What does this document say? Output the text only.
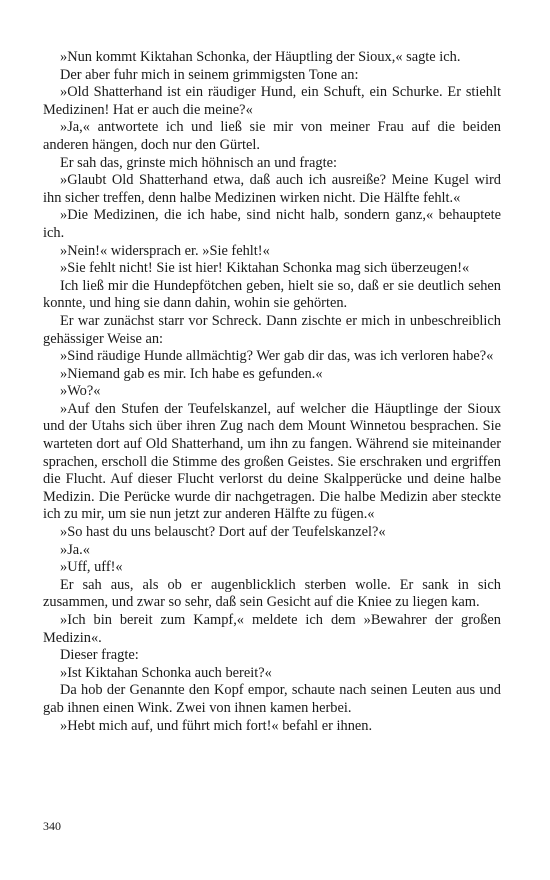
»Nun kommt Kiktahan Schonka, der Häuptling der Sioux,« sagte ich.

Der aber fuhr mich in seinem grimmigsten Tone an:

»Old Shatterhand ist ein räudiger Hund, ein Schuft, ein Schurke. Er stiehlt Medizinen! Hat er auch die meine?«

»Ja,« antwortete ich und ließ sie mir von meiner Frau auf die beiden anderen hängen, doch nur den Gürtel.

Er sah das, grinste mich höhnisch an und fragte:

»Glaubt Old Shatterhand etwa, daß auch ich ausreiße? Meine Kugel wird ihn sicher treffen, denn halbe Medizinen wirken nicht. Die Hälfte fehlt.«

»Die Medizinen, die ich habe, sind nicht halb, sondern ganz,« behauptete ich.

»Nein!« widersprach er. »Sie fehlt!«

»Sie fehlt nicht! Sie ist hier! Kiktahan Schonka mag sich überzeugen!«

Ich ließ mir die Hundepfötchen geben, hielt sie so, daß er sie deutlich sehen konnte, und hing sie dann dahin, wohin sie gehörten.

Er war zunächst starr vor Schreck. Dann zischte er mich in unbeschreiblich gehässiger Weise an:

»Sind räudige Hunde allmächtig? Wer gab dir das, was ich verloren habe?«

»Niemand gab es mir. Ich habe es gefunden.«

»Wo?«

»Auf den Stufen der Teufelskanzel, auf welcher die Häuptlinge der Sioux und der Utahs sich über ihren Zug nach dem Mount Winnetou besprachen. Sie warteten dort auf Old Shatterhand, um ihn zu fangen. Während sie miteinander sprachen, erscholl die Stimme des großen Geistes. Sie erschraken und ergriffen die Flucht. Auf dieser Flucht verlorst du deine Skalpperücke und deine halbe Medizin. Die Perücke wurde dir nachgetragen. Die halbe Medizin aber steckte ich zu mir, um sie nun jetzt zur anderen Hälfte zu fügen.«

»So hast du uns belauscht? Dort auf der Teufelskanzel?«

»Ja.«

»Uff, uff!«

Er sah aus, als ob er augenblicklich sterben wolle. Er sank in sich zusammen, und zwar so sehr, daß sein Gesicht auf die Kniee zu liegen kam.

»Ich bin bereit zum Kampf,« meldete ich dem »Bewahrer der großen Medizin«.

Dieser fragte:

»Ist Kiktahan Schonka auch bereit?«

Da hob der Genannte den Kopf empor, schaute nach seinen Leuten aus und gab ihnen einen Wink. Zwei von ihnen kamen herbei.

»Hebt mich auf, und führt mich fort!« befahl er ihnen.

340
